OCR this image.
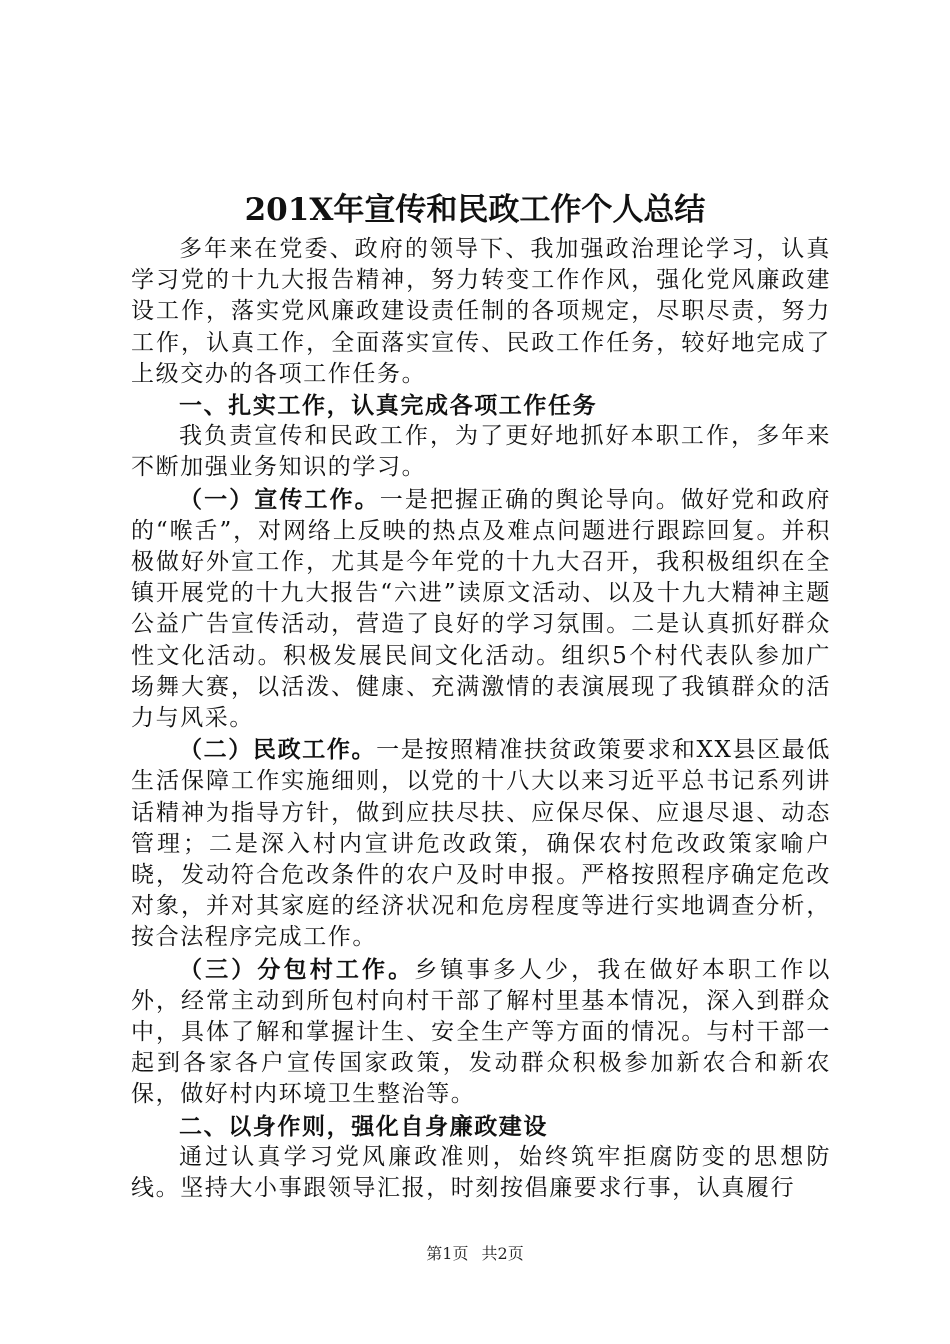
201X年宣传和民政工作个人总结

多年来在党委、政府的领导下、我加强政治理论学习，认真学习党的十九大报告精神，努力转变工作作风，强化党风廉政建设工作，落实党风廉政建设责任制的各项规定，尽职尽责，努力工作，认真工作，全面落实宣传、民政工作任务，较好地完成了上级交办的各项工作任务。

一、扎实工作，认真完成各项工作任务

我负责宣传和民政工作，为了更好地抓好本职工作，多年来不断加强业务知识的学习。

（一）宣传工作。一是把握正确的舆论导向。做好党和政府的“喉舌”，对网络上反映的热点及难点问题进行跟踪回复。并积极做好外宣工作，尤其是今年党的十九大召开，我积极组织在全镇开展党的十九大报告“六进”读原文活动、以及十九大精神主题公益广告宣传活动，营造了良好的学习氛围。二是认真抓好群众性文化活动。积极发展民间文化活动。组织5个村代表队参加广场舞大赛，以活泼、健康、充满激情的表演展现了我镇群众的活力与风采。

（二）民政工作。一是按照精准扶贫政策要求和XX县区最低生活保障工作实施细则，以党的十八大以来习近平总书记系列讲话精神为指导方针，做到应扶尽扶、应保尽保、应退尽退、动态管理；二是深入村内宣讲危改政策，确保农村危改政策家喻户晓，发动符合危改条件的农户及时申报。严格按照程序确定危改对象，并对其家庭的经济状况和危房程度等进行实地调查分析，按合法程序完成工作。

（三）分包村工作。乡镇事多人少，我在做好本职工作以外，经常主动到所包村向村干部了解村里基本情况，深入到群众中，具体了解和掌握计生、安全生产等方面的情况。与村干部一起到各家各户宣传国家政策，发动群众积极参加新农合和新农保，做好村内环境卫生整治等。

二、以身作则，强化自身廉政建设

通过认真学习党风廉政准则，始终筑牢拒腐防变的思想防线。坚持大小事跟领导汇报，时刻按倡廉要求行事，认真履行

第1页 共2页
